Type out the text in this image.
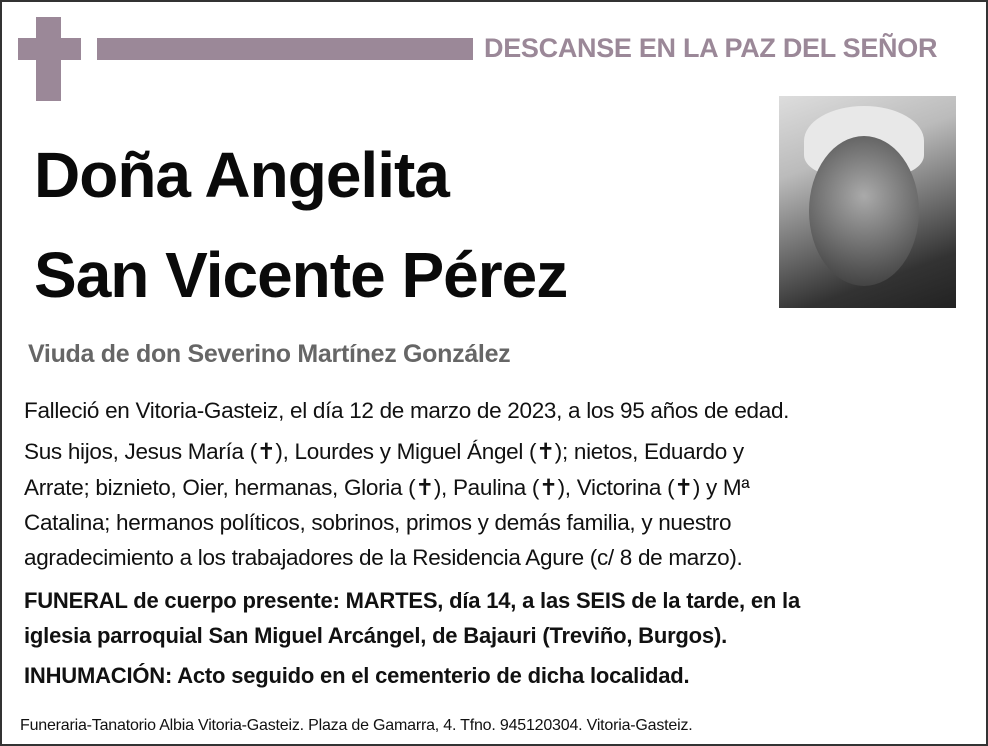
DESCANSE EN LA PAZ DEL SEÑOR
Doña Angelita
San Vicente Pérez
Viuda de don Severino Martínez González
Falleció en Vitoria-Gasteiz, el día 12 de marzo de 2023, a los 95 años de edad.
Sus hijos, Jesus María (✝), Lourdes y Miguel Ángel (✝); nietos, Eduardo y
Arrate; biznieto, Oier, hermanas, Gloria (✝), Paulina (✝), Victorina (✝) y Mª
Catalina; hermanos políticos, sobrinos, primos y demás familia, y nuestro
agradecimiento a los trabajadores de la Residencia Agure (c/ 8 de marzo).
FUNERAL de cuerpo presente: MARTES, día 14, a las SEIS de la tarde, en la
iglesia parroquial San Miguel Arcángel, de Bajauri (Treviño, Burgos).
INHUMACIÓN: Acto seguido en el cementerio de dicha localidad.
Funeraria-Tanatorio Albia Vitoria-Gasteiz. Plaza de Gamarra, 4. Tfno. 945120304. Vitoria-Gasteiz.
